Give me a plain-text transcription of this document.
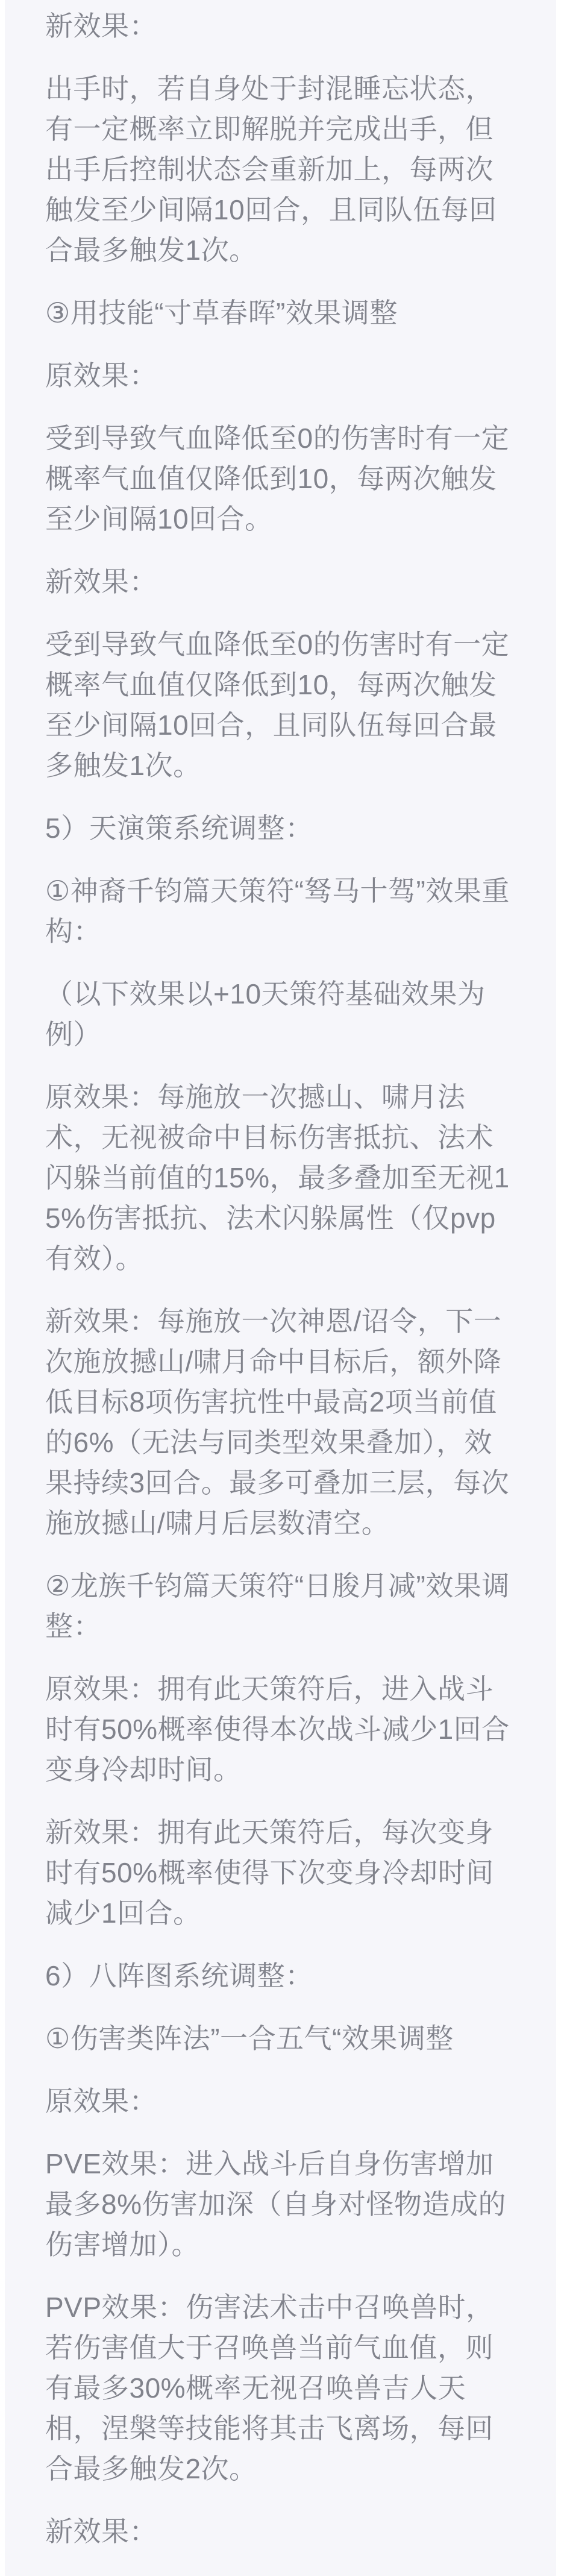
新效果：

出手时，若自身处于封混睡忘状态，有一定概率立即解脱并完成出手，但出手后控制状态会重新加上，每两次触发至少间隔10回合，且同队伍每回合最多触发1次。

③用技能“寸草春晖”效果调整

原效果：

受到导致气血降低至0的伤害时有一定概率气血值仅降低到10，每两次触发至少间隔10回合。

新效果：

受到导致气血降低至0的伤害时有一定概率气血值仅降低到10，每两次触发至少间隔10回合，且同队伍每回合最多触发1次。

5）天演策系统调整：

①神裔千钧篇天策符“驽马十驾”效果重构：

（以下效果以+10天策符基础效果为例）

原效果：每施放一次撼山、啸月法术，无视被命中目标伤害抵抗、法术闪躲当前值的15%，最多叠加至无视15%伤害抵抗、法术闪躲属性（仅pvp有效）。

新效果：每施放一次神恩/诏令，下一次施放撼山/啸月命中目标后，额外降低目标8项伤害抗性中最高2项当前值的6%（无法与同类型效果叠加），效果持续3回合。最多可叠加三层，每次施放撼山/啸月后层数清空。

②龙族千钧篇天策符“日朘月减”效果调整：

原效果：拥有此天策符后，进入战斗时有50%概率使得本次战斗减少1回合变身冷却时间。

新效果：拥有此天策符后，每次变身时有50%概率使得下次变身冷却时间减少1回合。

6）八阵图系统调整：

①伤害类阵法”一合五气“效果调整

原效果：

PVE效果：进入战斗后自身伤害增加最多8%伤害加深（自身对怪物造成的伤害增加）。

PVP效果：伤害法术击中召唤兽时，若伤害值大于召唤兽当前气血值，则有最多30%概率无视召唤兽吉人天相，涅槃等技能将其击飞离场，每回合最多触发2次。

新效果：
